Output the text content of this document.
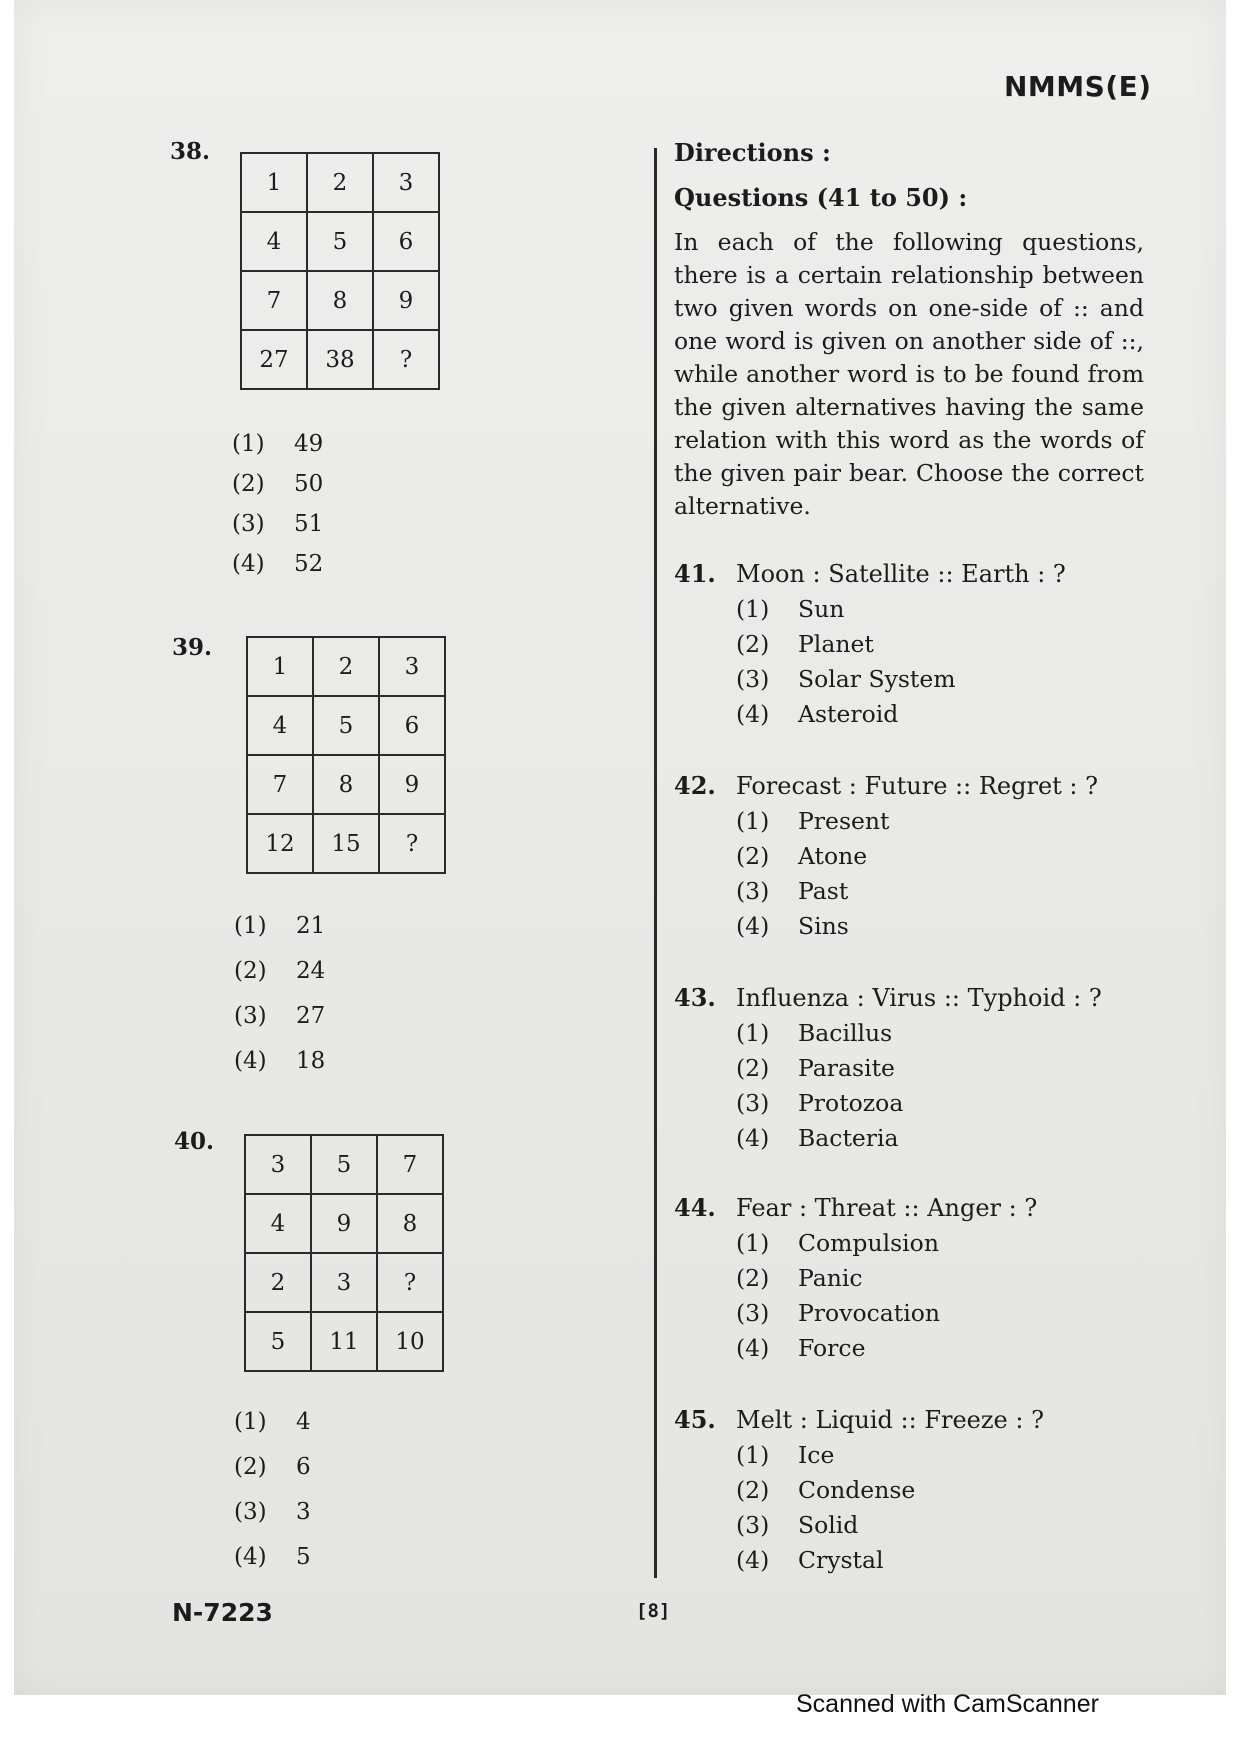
NMMS(E)
38.
1	2	3
4	5	6
7	8	9
27	38	?
(1) 49
(2) 50
(3) 51
(4) 52
39.
1	2	3
4	5	6
7	8	9
12	15	?
(1) 21
(2) 24
(3) 27
(4) 18
40.
3	5	7
4	9	8
2	3	?
5	11	10
(1) 4
(2) 6
(3) 3
(4) 5
Directions :
Questions (41 to 50) :
In each of the following questions, there is a certain relationship between two given words on one-side of :: and one word is given on another side of ::, while another word is to be found from the given alternatives having the same relation with this word as the words of the given pair bear. Choose the correct alternative.
41. Moon : Satellite :: Earth : ?
(1) Sun
(2) Planet
(3) Solar System
(4) Asteroid
42. Forecast : Future :: Regret : ?
(1) Present
(2) Atone
(3) Past
(4) Sins
43. Influenza : Virus :: Typhoid : ?
(1) Bacillus
(2) Parasite
(3) Protozoa
(4) Bacteria
44. Fear : Threat :: Anger : ?
(1) Compulsion
(2) Panic
(3) Provocation
(4) Force
45. Melt : Liquid :: Freeze : ?
(1) Ice
(2) Condense
(3) Solid
(4) Crystal
N-7223	[8]
Scanned with CamScanner
